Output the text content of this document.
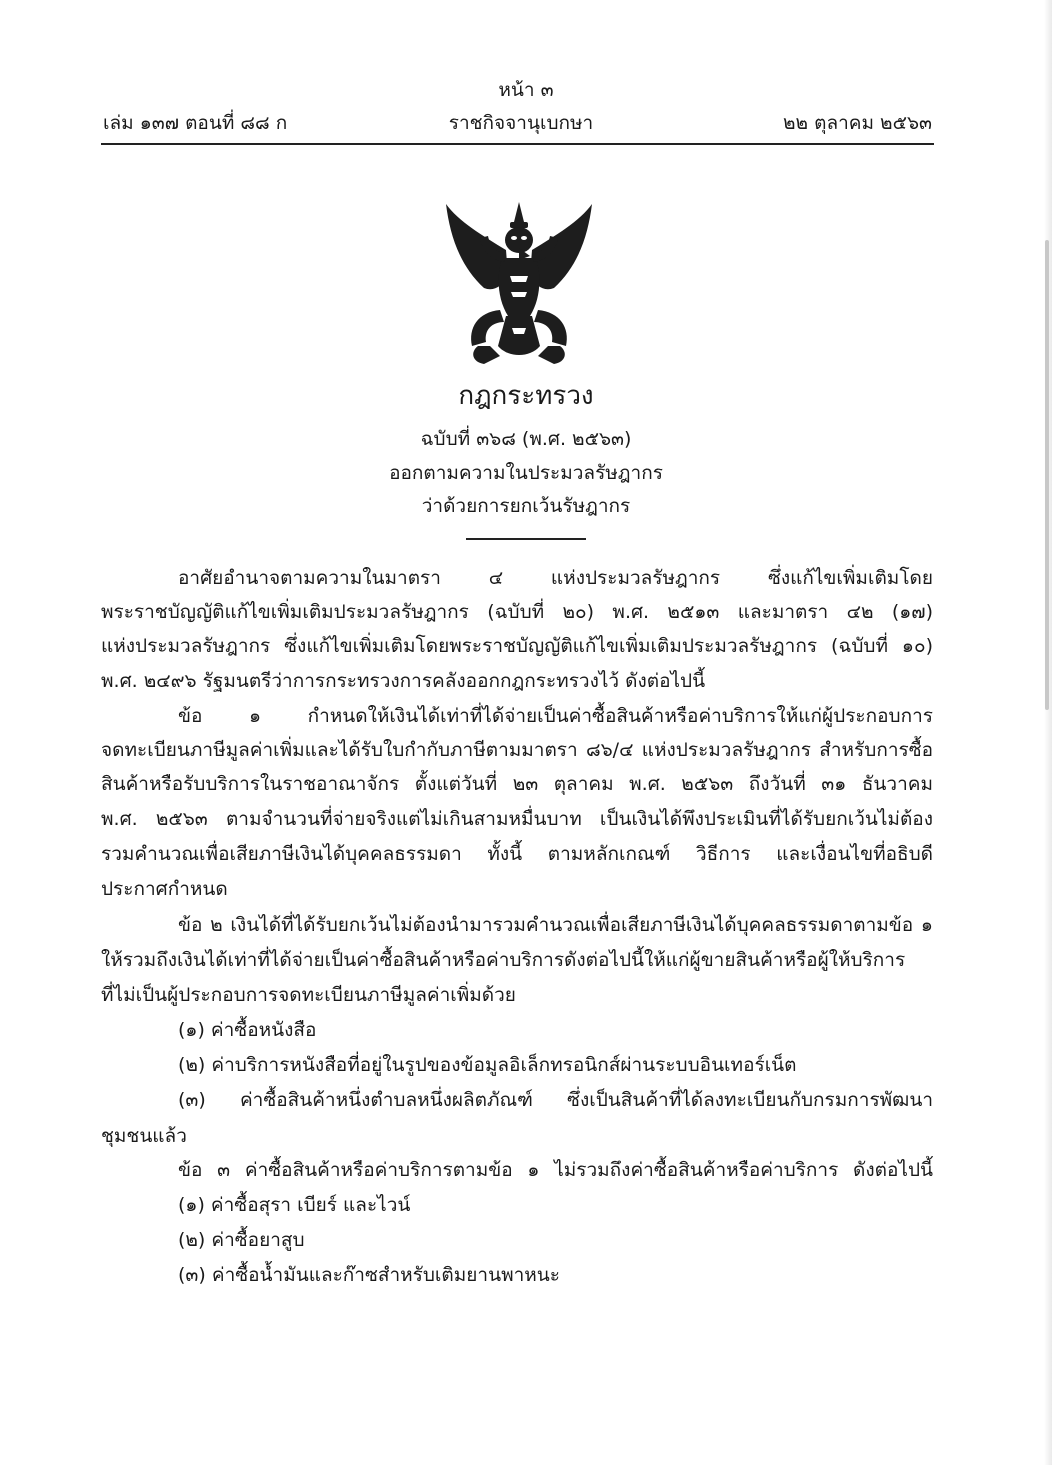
หน้า ๓
เล่ม ๑๓๗ ตอนที่ ๘๘ ก	ราชกิจจานุเบกษา	๒๒ ตุลาคม ๒๕๖๓
กฎกระทรวง
ฉบับที่ ๓๖๘ (พ.ศ. ๒๕๖๓)
ออกตามความในประมวลรัษฎากร
ว่าด้วยการยกเว้นรัษฎากร
อาศัยอำนาจตามความในมาตรา ๔ แห่งประมวลรัษฎากร ซึ่งแก้ไขเพิ่มเติมโดย
พระราชบัญญัติแก้ไขเพิ่มเติมประมวลรัษฎากร (ฉบับที่ ๒๐) พ.ศ. ๒๕๑๓ และมาตรา ๔๒ (๑๗)
แห่งประมวลรัษฎากร ซึ่งแก้ไขเพิ่มเติมโดยพระราชบัญญัติแก้ไขเพิ่มเติมประมวลรัษฎากร (ฉบับที่ ๑๐)
พ.ศ. ๒๔๙๖ รัฐมนตรีว่าการกระทรวงการคลังออกกฎกระทรวงไว้ ดังต่อไปนี้
ข้อ ๑ กำหนดให้เงินได้เท่าที่ได้จ่ายเป็นค่าซื้อสินค้าหรือค่าบริการให้แก่ผู้ประกอบการ
จดทะเบียนภาษีมูลค่าเพิ่มและได้รับใบกำกับภาษีตามมาตรา ๘๖/๔ แห่งประมวลรัษฎากร สำหรับการซื้อ
สินค้าหรือรับบริการในราชอาณาจักร ตั้งแต่วันที่ ๒๓ ตุลาคม พ.ศ. ๒๕๖๓ ถึงวันที่ ๓๑ ธันวาคม
พ.ศ. ๒๕๖๓ ตามจำนวนที่จ่ายจริงแต่ไม่เกินสามหมื่นบาท เป็นเงินได้พึงประเมินที่ได้รับยกเว้นไม่ต้อง
รวมคำนวณเพื่อเสียภาษีเงินได้บุคคลธรรมดา ทั้งนี้ ตามหลักเกณฑ์ วิธีการ และเงื่อนไขที่อธิบดี
ประกาศกำหนด
ข้อ ๒ เงินได้ที่ได้รับยกเว้นไม่ต้องนำมารวมคำนวณเพื่อเสียภาษีเงินได้บุคคลธรรมดาตามข้อ ๑
ให้รวมถึงเงินได้เท่าที่ได้จ่ายเป็นค่าซื้อสินค้าหรือค่าบริการดังต่อไปนี้ให้แก่ผู้ขายสินค้าหรือผู้ให้บริการ
ที่ไม่เป็นผู้ประกอบการจดทะเบียนภาษีมูลค่าเพิ่มด้วย
(๑) ค่าซื้อหนังสือ
(๒) ค่าบริการหนังสือที่อยู่ในรูปของข้อมูลอิเล็กทรอนิกส์ผ่านระบบอินเทอร์เน็ต
(๓) ค่าซื้อสินค้าหนึ่งตำบลหนึ่งผลิตภัณฑ์ ซึ่งเป็นสินค้าที่ได้ลงทะเบียนกับกรมการพัฒนา
ชุมชนแล้ว
ข้อ ๓ ค่าซื้อสินค้าหรือค่าบริการตามข้อ ๑ ไม่รวมถึงค่าซื้อสินค้าหรือค่าบริการ ดังต่อไปนี้
(๑) ค่าซื้อสุรา เบียร์ และไวน์
(๒) ค่าซื้อยาสูบ
(๓) ค่าซื้อน้ำมันและก๊าซสำหรับเติมยานพาหนะ
